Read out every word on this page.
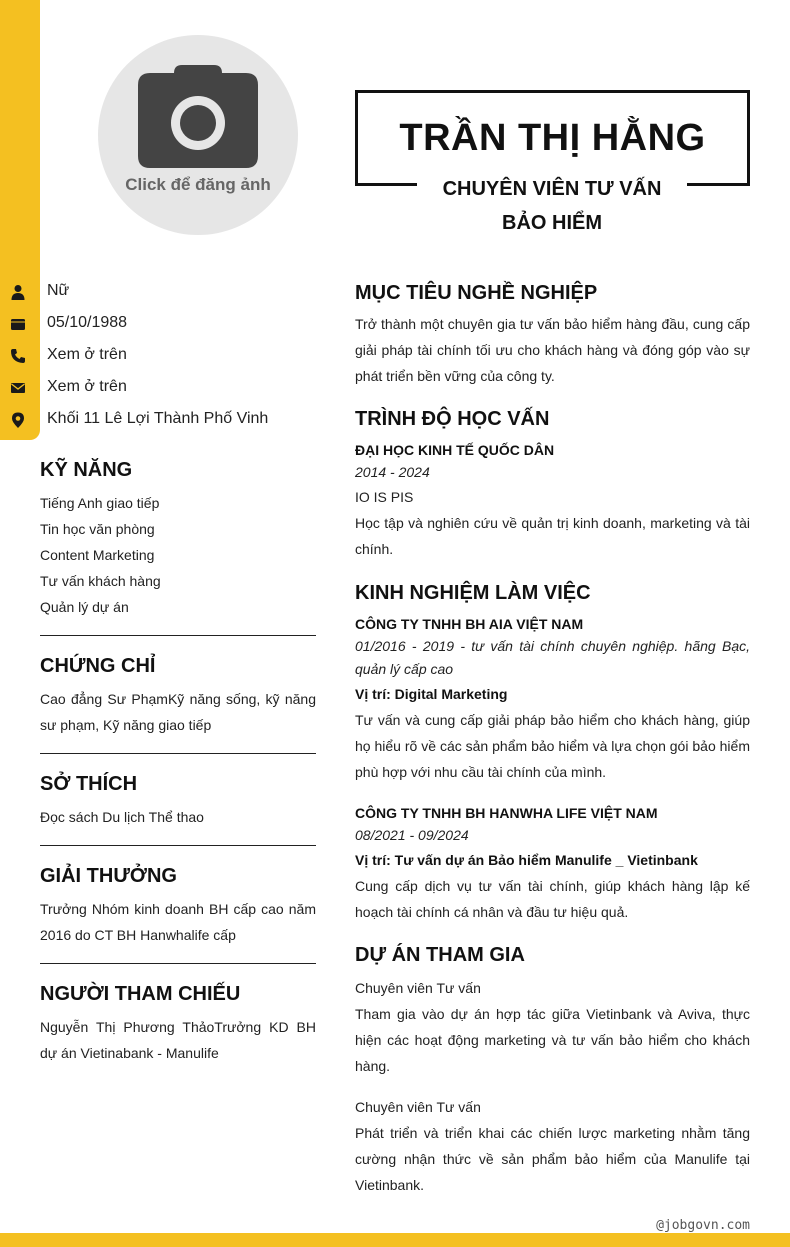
@jobgovn.com
Click để đăng ảnh
TRẦN THỊ HẰNG
CHUYÊN VIÊN TƯ VẤN
BẢO HIỂM
Nữ
05/10/1988
Xem ở trên
Xem ở trên
Khối 11 Lê Lợi Thành Phố Vinh
KỸ NĂNG
Tiếng Anh giao tiếp
Tin học văn phòng
Content Marketing
Tư vấn khách hàng
Quản lý dự án
CHỨNG CHỈ
Cao đẳng Sư PhạmKỹ năng sống, kỹ năng sư phạm, Kỹ năng giao tiếp
SỞ THÍCH
Đọc sách Du lịch Thể thao
GIẢI THƯỞNG
Trưởng Nhóm kinh doanh BH cấp cao năm 2016 do CT BH Hanwhalife cấp
NGƯỜI THAM CHIẾU
Nguyễn Thị Phương ThảoTrưởng KD BH dự án Vietinabank - Manulife
MỤC TIÊU NGHỀ NGHIỆP
Trở thành một chuyên gia tư vấn bảo hiểm hàng đầu, cung cấp giải pháp tài chính tối ưu cho khách hàng và đóng góp vào sự phát triển bền vững của công ty.
TRÌNH ĐỘ HỌC VẤN
ĐẠI HỌC KINH TẾ QUỐC DÂN
2014 - 2024
IO IS PIS
Học tập và nghiên cứu về quản trị kinh doanh, marketing và tài chính.
KINH NGHIỆM LÀM VIỆC
CÔNG TY TNHH BH AIA VIỆT NAM
01/2016 - 2019 - tư vấn tài chính chuyên nghiệp. hãng Bạc, quản lý cấp cao
Vị trí: Digital Marketing
Tư vấn và cung cấp giải pháp bảo hiểm cho khách hàng, giúp họ hiểu rõ về các sản phẩm bảo hiểm và lựa chọn gói bảo hiểm phù hợp với nhu cầu tài chính của mình.
CÔNG TY TNHH BH HANWHA LIFE VIỆT NAM
08/2021 - 09/2024
Vị trí: Tư vấn dự án Bảo hiểm Manulife _ Vietinbank
Cung cấp dịch vụ tư vấn tài chính, giúp khách hàng lập kế hoạch tài chính cá nhân và đầu tư hiệu quả.
DỰ ÁN THAM GIA
Chuyên viên Tư vấn
Tham gia vào dự án hợp tác giữa Vietinbank và Aviva, thực hiện các hoạt động marketing và tư vấn bảo hiểm cho khách hàng.
Chuyên viên Tư vấn
Phát triển và triển khai các chiến lược marketing nhằm tăng cường nhận thức về sản phẩm bảo hiểm của Manulife tại Vietinbank.
